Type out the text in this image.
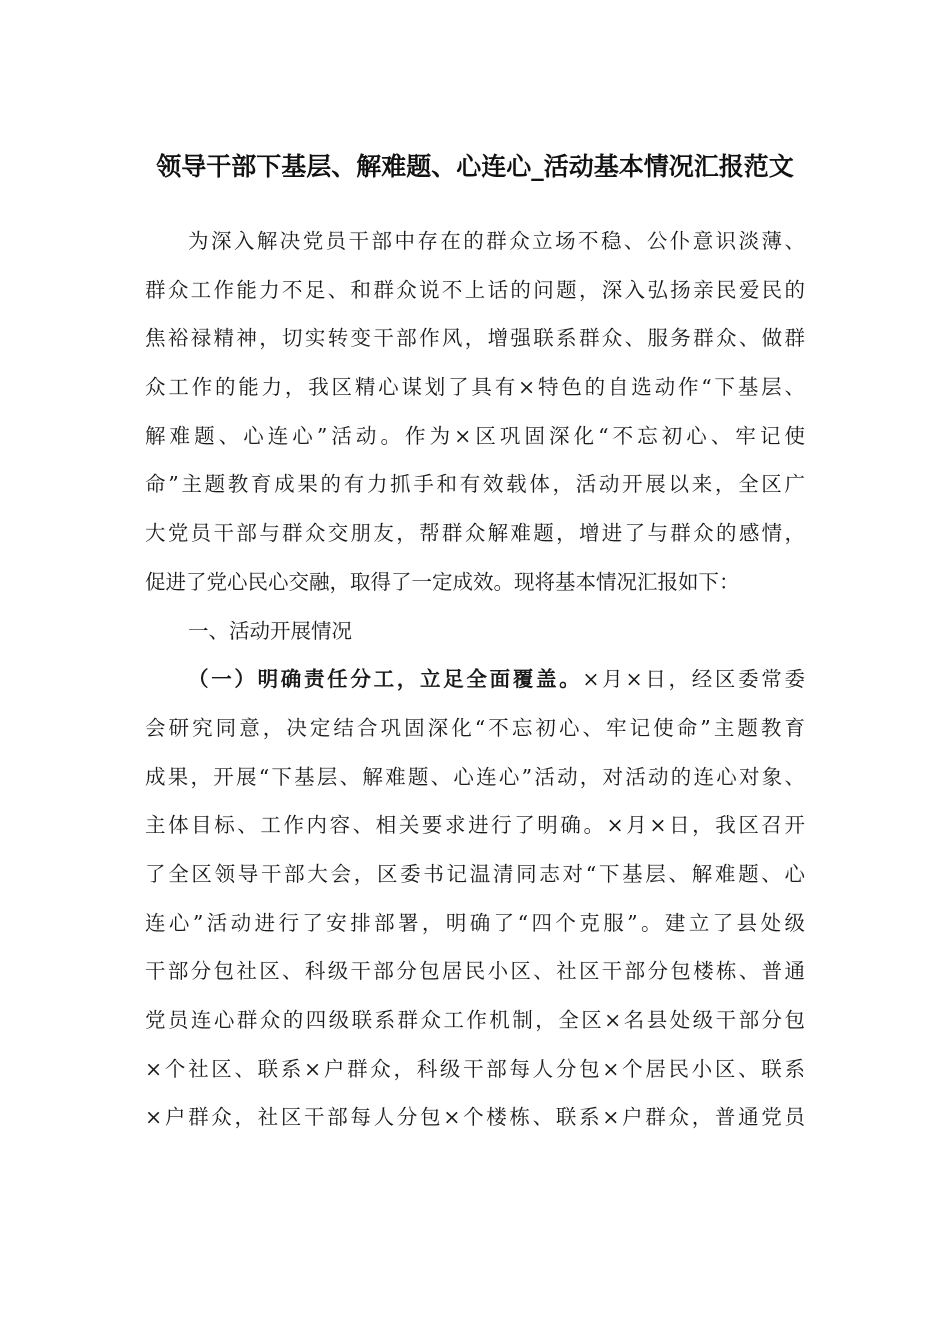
领导干部下基层、解难题、心连心_活动基本情况汇报范文
为深入解决党员干部中存在的群众立场不稳、公仆意识淡薄、
群众工作能力不足、和群众说不上话的问题，深入弘扬亲民爱民的
焦裕禄精神，切实转变干部作风，增强联系群众、服务群众、做群
众工作的能力，我区精心谋划了具有×特色的自选动作“下基层、
解难题、心连心”活动。作为×区巩固深化“不忘初心、牢记使
命”主题教育成果的有力抓手和有效载体，活动开展以来，全区广
大党员干部与群众交朋友，帮群众解难题，增进了与群众的感情，
促进了党心民心交融，取得了一定成效。现将基本情况汇报如下：
一、活动开展情况
（一）明确责任分工，立足全面覆盖。×月×日，经区委常委
会研究同意，决定结合巩固深化“不忘初心、牢记使命”主题教育
成果，开展“下基层、解难题、心连心”活动，对活动的连心对象、
主体目标、工作内容、相关要求进行了明确。×月×日，我区召开
了全区领导干部大会，区委书记温清同志对“下基层、解难题、心
连心”活动进行了安排部署，明确了“四个克服”。建立了县处级
干部分包社区、科级干部分包居民小区、社区干部分包楼栋、普通
党员连心群众的四级联系群众工作机制，全区×名县处级干部分包
×个社区、联系×户群众，科级干部每人分包×个居民小区、联系
×户群众，社区干部每人分包×个楼栋、联系×户群众，普通党员
